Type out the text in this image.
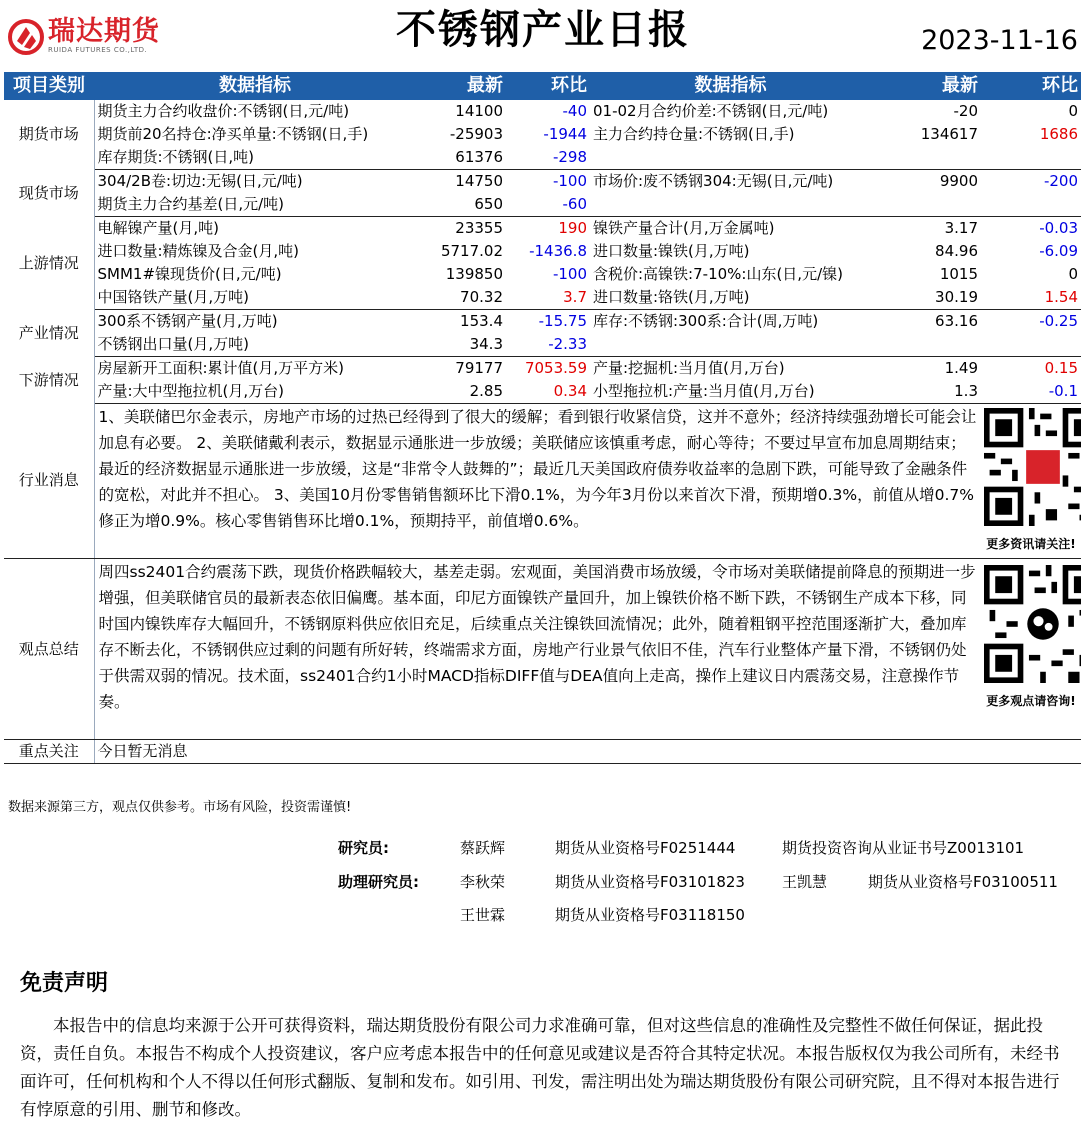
瑞达期货
RUIDA FUTURES CO.,LTD.	不锈钢产业日报	2023-11-16
项目类别	数据指标	最新	环比	数据指标	最新	环比
期货市场	期货主力合约收盘价:不锈钢(日,元/吨)	14100	-40	01-02月合约价差:不锈钢(日,元/吨)	-20	0
	期货前20名持仓:净买单量:不锈钢(日,手)	-25903	-1944	主力合约持仓量:不锈钢(日,手)	134617	1686
	库存期货:不锈钢(日,吨)	61376	-298			
现货市场	304/2B卷:切边:无锡(日,元/吨)	14750	-100	市场价:废不锈钢304:无锡(日,元/吨)	9900	-200
	期货主力合约基差(日,元/吨)	650	-60			
上游情况	电解镍产量(月,吨)	23355	190	镍铁产量合计(月,万金属吨)	3.17	-0.03
	进口数量:精炼镍及合金(月,吨)	5717.02	-1436.8	进口数量:镍铁(月,万吨)	84.96	-6.09
	SMM1#镍现货价(日,元/吨)	139850	-100	含税价:高镍铁:7-10%:山东(日,元/镍)	1015	0
	中国铬铁产量(月,万吨)	70.32	3.7	进口数量:铬铁(月,万吨)	30.19	1.54
产业情况	300系不锈钢产量(月,万吨)	153.4	-15.75	库存:不锈钢:300系:合计(周,万吨)	63.16	-0.25
	不锈钢出口量(月,万吨)	34.3	-2.33			
下游情况	房屋新开工面积:累计值(月,万平方米)	79177	7053.59	产量:挖掘机:当月值(月,万台)	1.49	0.15
	产量:大中型拖拉机(月,万台)	2.85	0.34	小型拖拉机:产量:当月值(月,万台)	1.3	-0.1
行业消息	1、美联储巴尔金表示，房地产市场的过热已经得到了很大的缓解；看到银行收紧信贷，这并不意外；经济持续强劲增长可能会让加息有必要。 2、美联储戴利表示，数据显示通胀进一步放缓；美联储应该慎重考虑，耐心等待；不要过早宣布加息周期结束；最近的经济数据显示通胀进一步放缓，这是“非常令人鼓舞的”；最近几天美国政府债券收益率的急剧下跌，可能导致了金融条件的宽松，对此并不担心。 3、美国10月份零售销售额环比下滑0.1%，为今年3月份以来首次下滑，预期增0.3%，前值从增0.7%修正为增0.9%。核心零售销售环比增0.1%，预期持平，前值增0.6%。					更多资讯请关注!

观点总结	周四ss2401合约震荡下跌，现货价格跌幅较大，基差走弱。宏观面，美国消费市场放缓，令市场对美联储提前降息的预期进一步增强，但美联储官员的最新表态依旧偏鹰。基本面，印尼方面镍铁产量回升，加上镍铁价格不断下跌，不锈钢生产成本下移，同时国内镍铁库存大幅回升，不锈钢原料供应依旧充足，后续重点关注镍铁回流情况；此外，随着粗钢平控范围逐渐扩大，叠加库存不断去化，不锈钢供应过剩的问题有所好转，终端需求方面，房地产行业景气依旧不佳，汽车行业整体产量下滑，不锈钢仍处于供需双弱的情况。技术面，ss2401合约1小时MACD指标DIFF值与DEA值向上走高，操作上建议日内震荡交易，注意操作节奏。					更多观点请咨询!

重点关注	今日暂无消息					
数据来源第三方，观点仅供参考。市场有风险，投资需谨慎!
研究员:	蔡跃辉	期货从业资格号F0251444	期货投资咨询从业证书号Z0013101
助理研究员:	李秋荣	期货从业资格号F03101823 王凯慧	期货从业资格号F03100511
王世霖	期货从业资格号F03118150
免责声明
本报告中的信息均来源于公开可获得资料，瑞达期货股份有限公司力求准确可靠，但对这些信息的准确性及完整性不做任何保证，据此投资，责任自负。本报告不构成个人投资建议，客户应考虑本报告中的任何意见或建议是否符合其特定状况。本报告版权仅为我公司所有，未经书面许可，任何机构和个人不得以任何形式翻版、复制和发布。如引用、刊发，需注明出处为瑞达期货股份有限公司研究院，且不得对本报告进行有悖原意的引用、删节和修改。
